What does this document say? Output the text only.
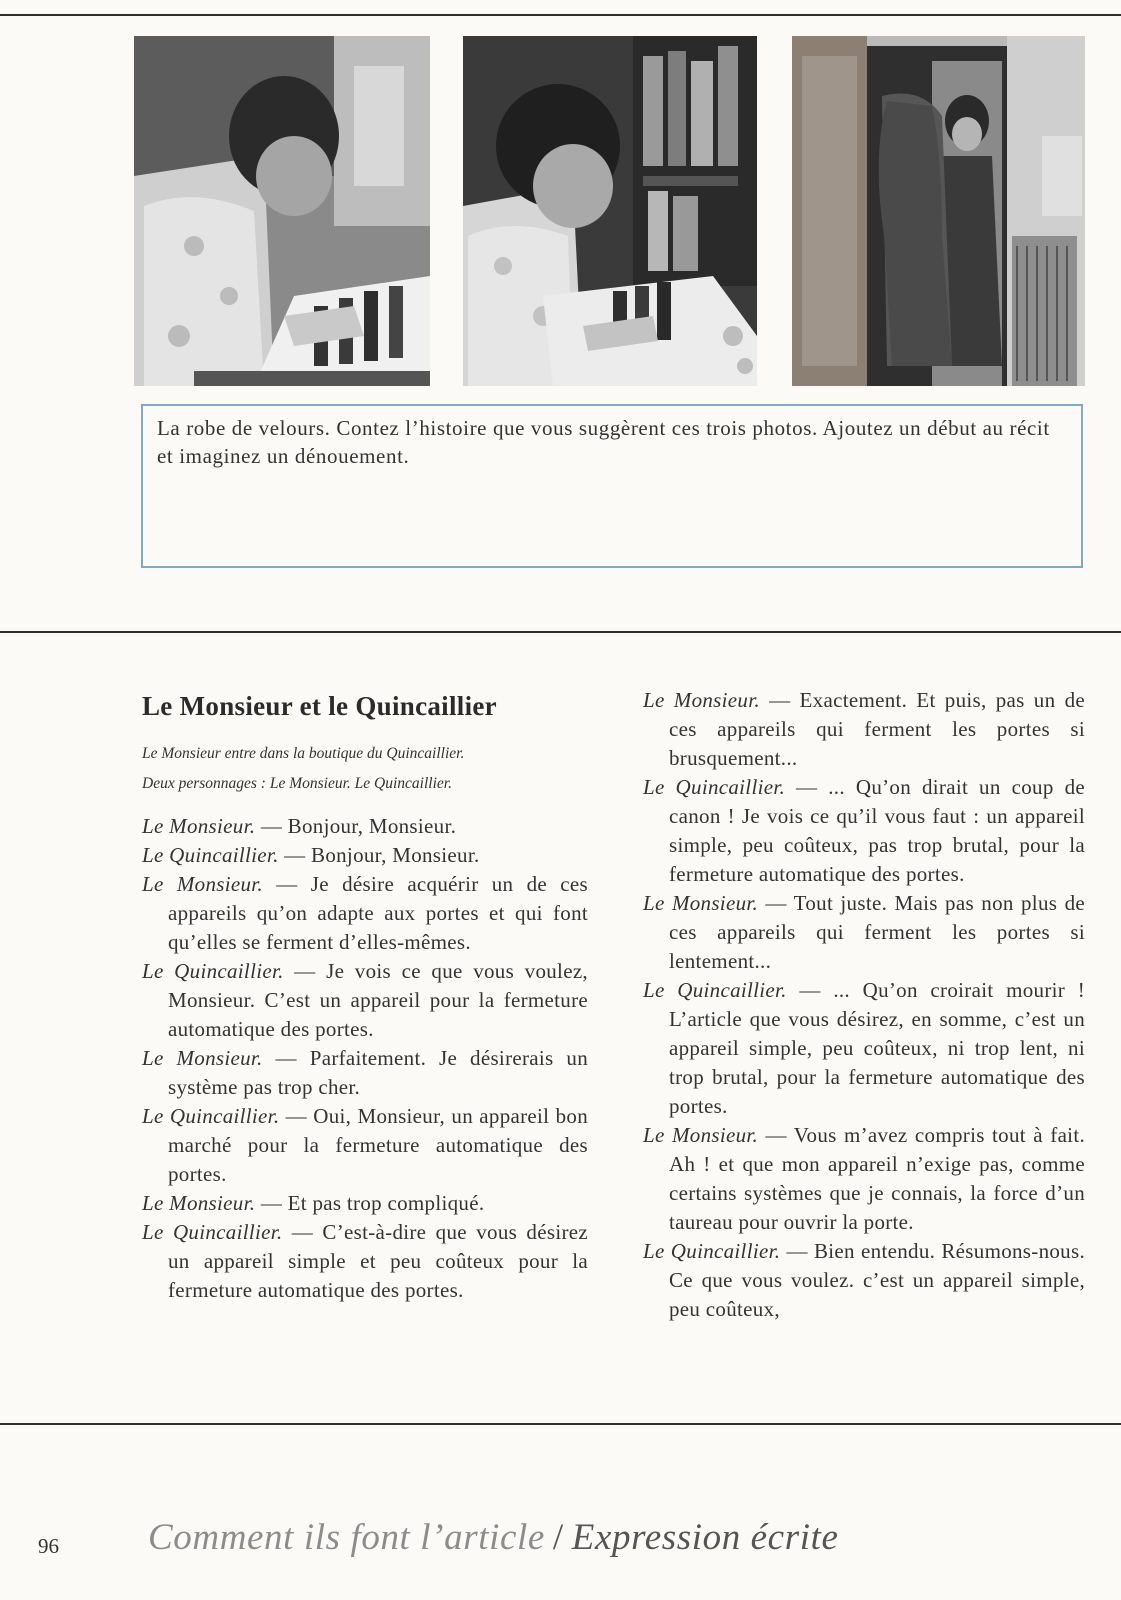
La robe de velours. Contez l’histoire que vous suggèrent ces trois photos. Ajoutez un début au récit et imaginez un dénouement.

Le Monsieur et le Quincaillier

Le Monsieur entre dans la boutique du Quincaillier.

Deux personnages : Le Monsieur. Le Quincaillier.

Le Monsieur. — Bonjour, Monsieur.

Le Quincaillier. — Bonjour, Monsieur.

Le Monsieur. — Je désire acquérir un de ces appareils qu’on adapte aux portes et qui font qu’elles se ferment d’elles-mêmes.

Le Quincaillier. — Je vois ce que vous voulez, Monsieur. C’est un appareil pour la fermeture automatique des portes.

Le Monsieur. — Parfaitement. Je désirerais un système pas trop cher.

Le Quincaillier. — Oui, Monsieur, un appareil bon marché pour la fermeture automatique des portes.

Le Monsieur. — Et pas trop compliqué.

Le Quincaillier. — C’est-à-dire que vous désirez un appareil simple et peu coûteux pour la fermeture automatique des portes.

Le Monsieur. — Exactement. Et puis, pas un de ces appareils qui ferment les portes si brusquement...

Le Quincaillier. — ... Qu’on dirait un coup de canon ! Je vois ce qu’il vous faut : un appareil simple, peu coûteux, pas trop brutal, pour la fermeture automatique des portes.

Le Monsieur. — Tout juste. Mais pas non plus de ces appareils qui ferment les portes si lentement...

Le Quincaillier. — ... Qu’on croirait mourir ! L’article que vous désirez, en somme, c’est un appareil simple, peu coûteux, ni trop lent, ni trop brutal, pour la fermeture automatique des portes.

Le Monsieur. — Vous m’avez compris tout à fait. Ah ! et que mon appareil n’exige pas, comme certains systèmes que je connais, la force d’un taureau pour ouvrir la porte.

Le Quincaillier. — Bien entendu. Résumons-nous. Ce que vous voulez. c’est un appareil simple, peu coûteux,

96 Comment ils font l’article / Expression écrite
